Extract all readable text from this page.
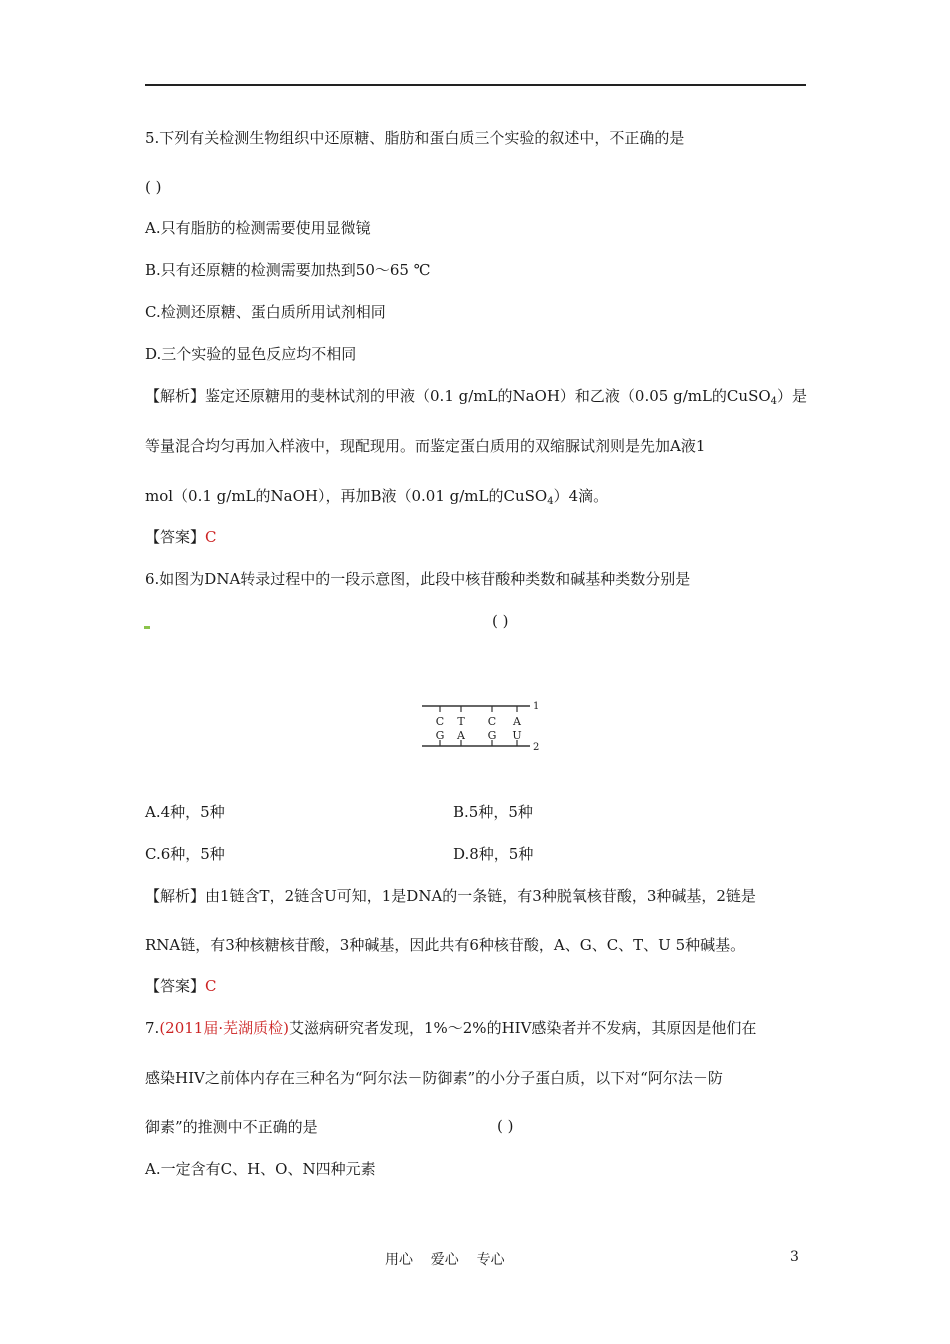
5.下列有关检测生物组织中还原糖、脂肪和蛋白质三个实验的叙述中，不正确的是
( )
A.只有脂肪的检测需要使用显微镜
B.只有还原糖的检测需要加热到50～65 ℃
C.检测还原糖、蛋白质所用试剂相同
D.三个实验的显色反应均不相同
【解析】鉴定还原糖用的斐林试剂的甲液（0.1 g/mL的NaOH）和乙液（0.05 g/mL的CuSO$_4$）是
等量混合均匀再加入样液中，现配现用。而鉴定蛋白质用的双缩脲试剂则是先加A液1
mol（0.1 g/mL的NaOH），再加B液（0.01 g/mL的CuSO$_4$）4滴。
【答案】C
6.如图为DNA转录过程中的一段示意图，此段中核苷酸种类数和碱基种类数分别是
( )
C T C A
G A G U
1
2
A.4种，5种	B.5种，5种
C.6种，5种	D.8种，5种
【解析】由1链含T，2链含U可知，1是DNA的一条链，有3种脱氧核苷酸，3种碱基，2链是
RNA链，有3种核糖核苷酸，3种碱基，因此共有6种核苷酸，A、G、C、T、U 5种碱基。
【答案】C
7.(2011届·芜湖质检)艾滋病研究者发现，1%～2%的HIV感染者并不发病，其原因是他们在
感染HIV之前体内存在三种名为“阿尔法－防御素”的小分子蛋白质，以下对“阿尔法－防
御素”的推测中不正确的是	( )
A.一定含有C、H、O、N四种元素
用心    爱心    专心	3
